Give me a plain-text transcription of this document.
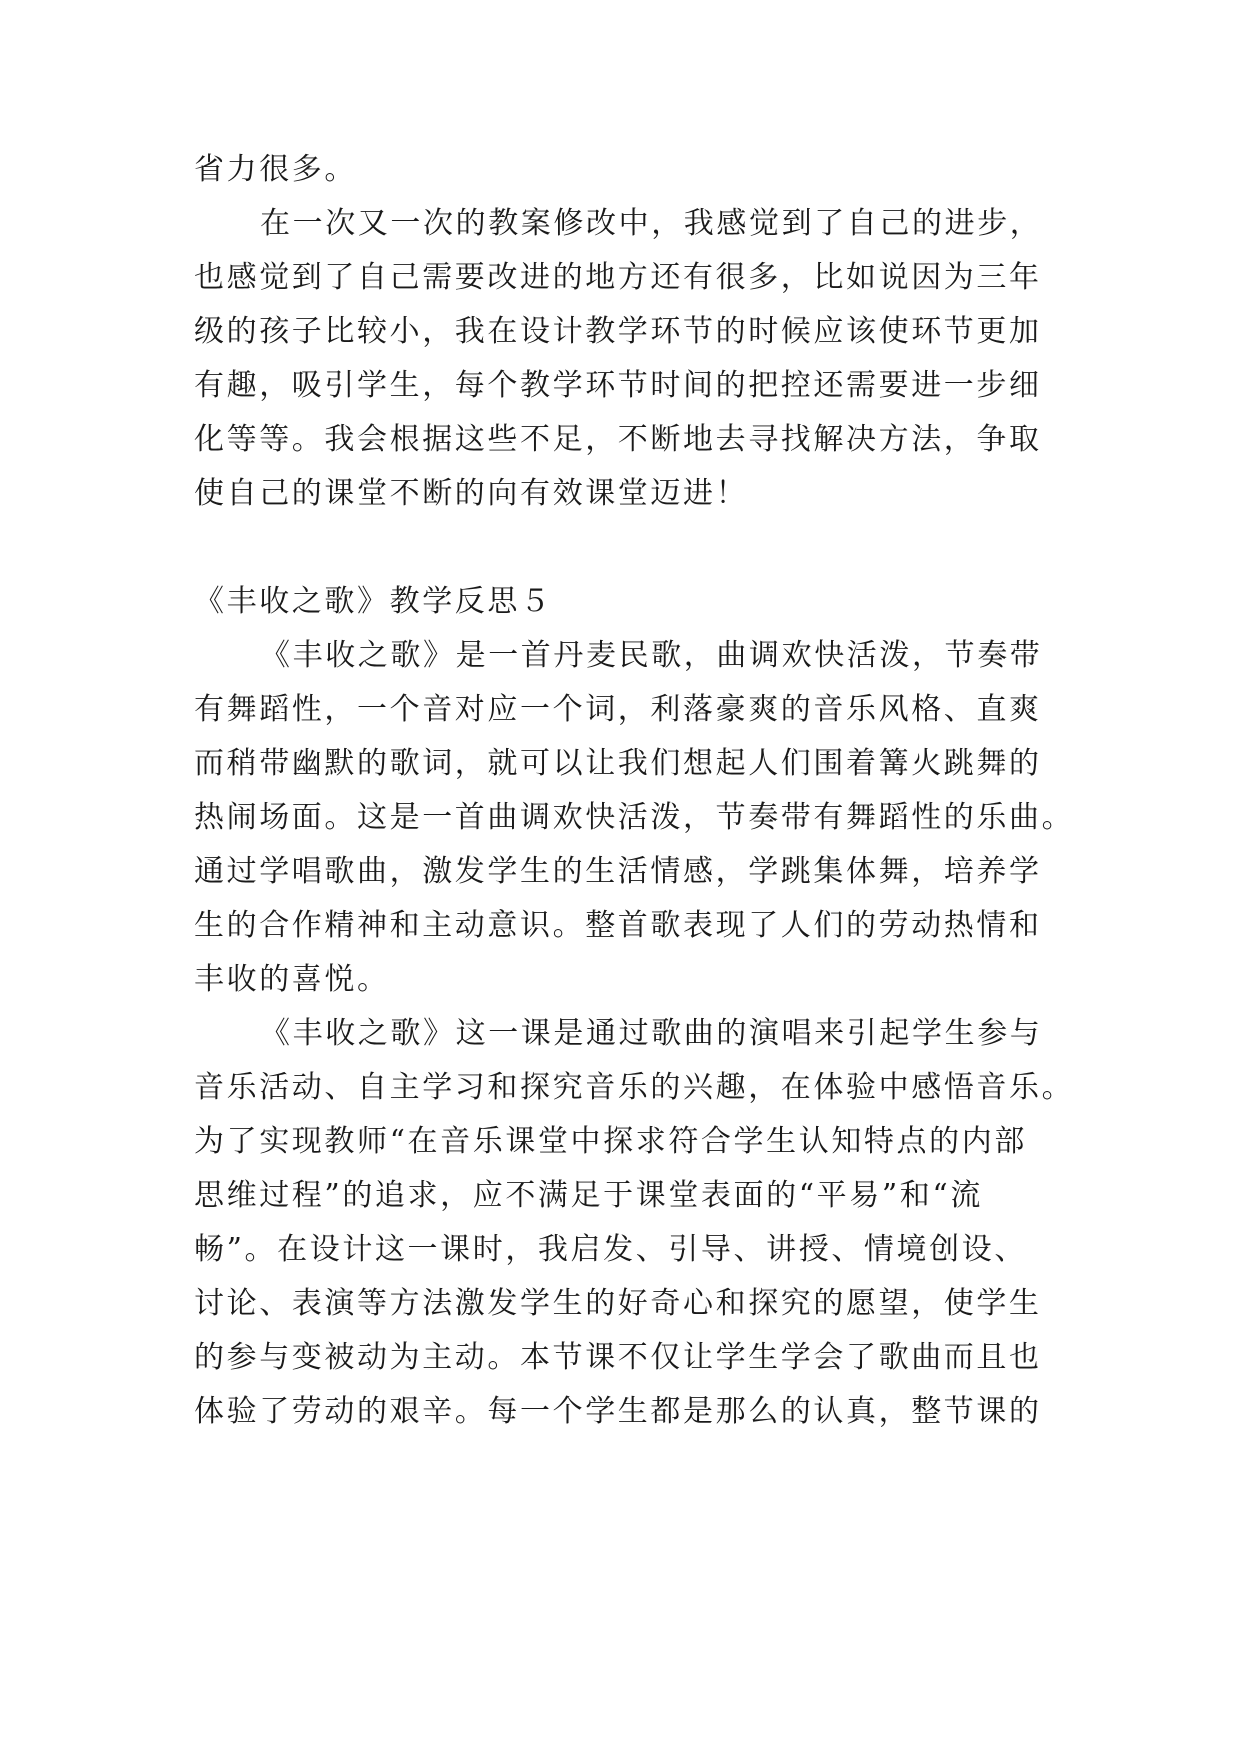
省力很多。
在一次又一次的教案修改中，我感觉到了自己的进步，
也感觉到了自己需要改进的地方还有很多，比如说因为三年
级的孩子比较小，我在设计教学环节的时候应该使环节更加
有趣，吸引学生，每个教学环节时间的把控还需要进一步细
化等等。我会根据这些不足，不断地去寻找解决方法，争取
使自己的课堂不断的向有效课堂迈进！
《丰收之歌》教学反思５
《丰收之歌》是一首丹麦民歌，曲调欢快活泼，节奏带
有舞蹈性，一个音对应一个词，利落豪爽的音乐风格、直爽
而稍带幽默的歌词，就可以让我们想起人们围着篝火跳舞的
热闹场面。这是一首曲调欢快活泼，节奏带有舞蹈性的乐曲。
通过学唱歌曲，激发学生的生活情感，学跳集体舞，培养学
生的合作精神和主动意识。整首歌表现了人们的劳动热情和
丰收的喜悦。
《丰收之歌》这一课是通过歌曲的演唱来引起学生参与
音乐活动、自主学习和探究音乐的兴趣，在体验中感悟音乐。
为了实现教师“在音乐课堂中探求符合学生认知特点的内部
思维过程”的追求，应不满足于课堂表面的“平易”和“流
畅”。在设计这一课时，我启发、引导、讲授、情境创设、
讨论、表演等方法激发学生的好奇心和探究的愿望，使学生
的参与变被动为主动。本节课不仅让学生学会了歌曲而且也
体验了劳动的艰辛。每一个学生都是那么的认真，整节课的
